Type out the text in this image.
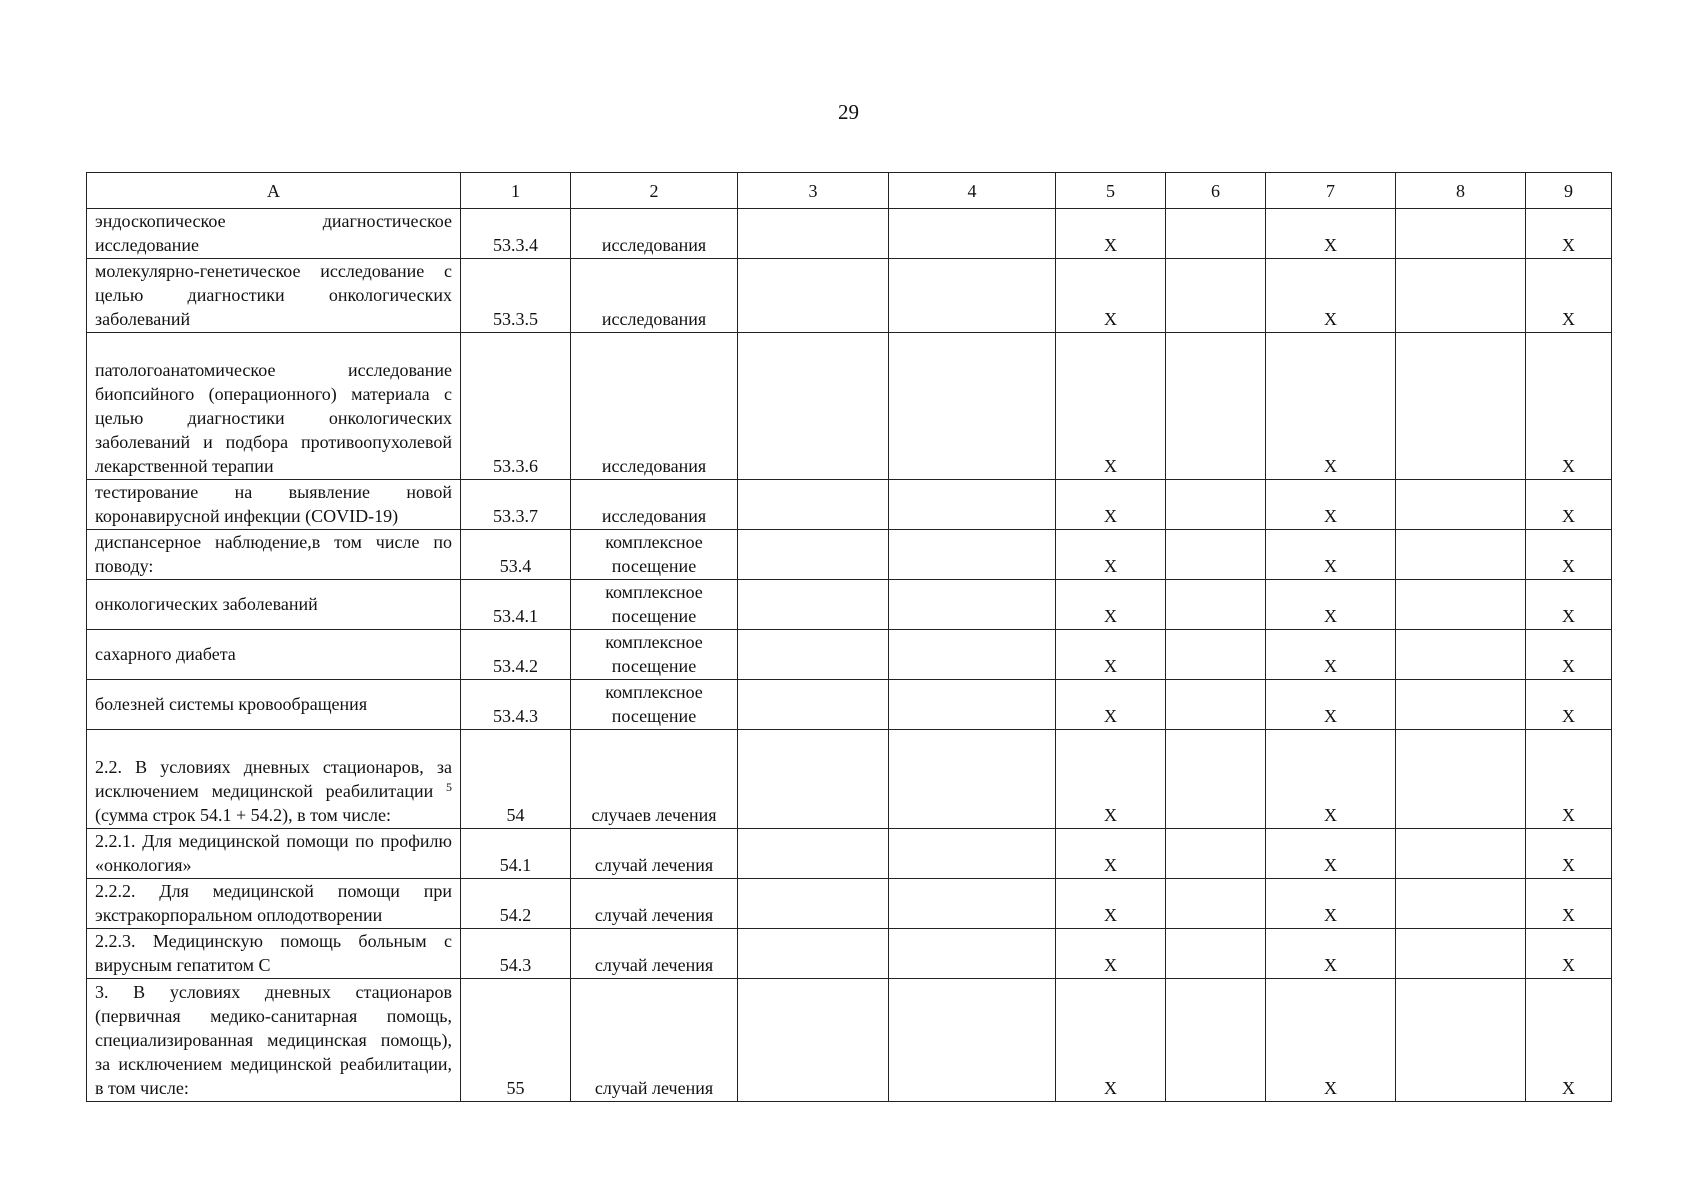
29
А	1	2	3	4	5	6	7	8	9
эндоскопическое диагностическое исследование	53.3.4	исследования			Х		Х		Х
молекулярно-генетическое исследование с целью диагностики онкологических заболеваний	53.3.5	исследования			Х		Х		Х
патологоанатомическое исследование биопсийного (операционного) материала с целью диагностики онкологических заболеваний и подбора противоопухолевой лекарственной терапии	53.3.6	исследования			Х		Х		Х
тестирование на выявление новой коронавирусной инфекции (COVID-19)	53.3.7	исследования			Х		Х		Х
диспансерное наблюдение,в том числе по поводу:	53.4	комплексное посещение			Х		Х		Х
онкологических заболеваний	53.4.1	комплексное посещение			Х		Х		Х
сахарного диабета	53.4.2	комплексное посещение			Х		Х		Х
болезней системы кровообращения	53.4.3	комплексное посещение			Х		Х		Х
2.2. В условиях дневных стационаров, за исключением медицинской реабилитации $^5$ (сумма строк 54.1 + 54.2), в том числе:	54	случаев лечения			Х		Х		Х
2.2.1. Для медицинской помощи по профилю «онкология»	54.1	случай лечения			Х		Х		Х
2.2.2. Для медицинской помощи при экстракорпоральном оплодотворении	54.2	случай лечения			Х		Х		Х
2.2.3. Медицинскую помощь больным с вирусным гепатитом С	54.3	случай лечения			Х		Х		Х
3. В условиях дневных стационаров (первичная медико-санитарная помощь, специализированная медицинская помощь), за исключением медицинской реабилитации, в том числе:	55	случай лечения			Х		Х		Х
